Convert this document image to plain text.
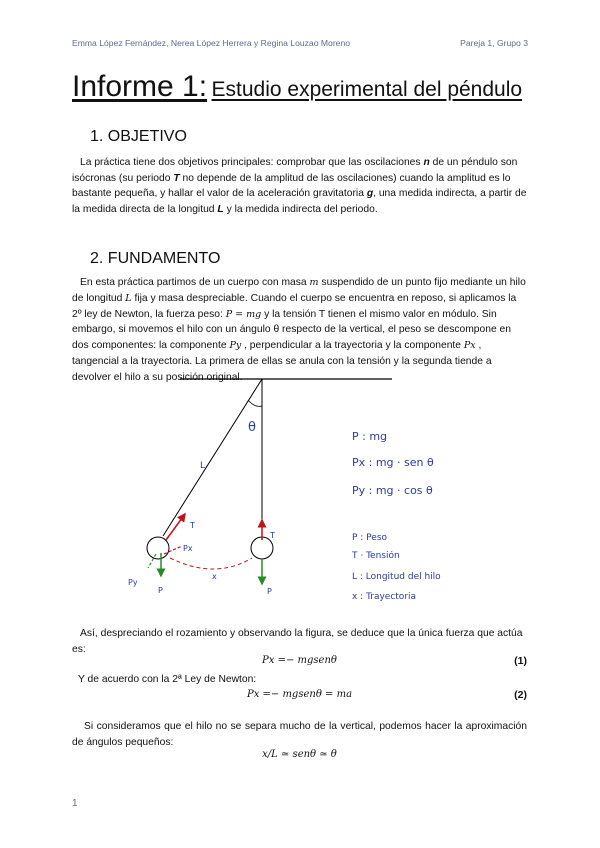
Emma López Fernández, Nerea López Herrera y Regina Louzao Moreno	Pareja 1, Grupo 3
Informe 1: Estudio experimental del péndulo
1. OBJETIVO

La práctica tiene dos objetivos principales: comprobar que las oscilaciones n de un péndulo son isócronas (su periodo T no depende de la amplitud de las oscilaciones) cuando la amplitud es lo bastante pequeña, y hallar el valor de la aceleración gravitatoria g, una medida indirecta, a partir de la medida directa de la longitud L y la medida indirecta del periodo.

2. FUNDAMENTO

En esta práctica partimos de un cuerpo con masa m suspendido de un punto fijo mediante un hilo de longitud L fija y masa despreciable. Cuando el cuerpo se encuentra en reposo, si aplicamos la 2º ley de Newton, la fuerza peso: P = mg y la tensión T tienen el mismo valor en módulo. Sin embargo, si movemos el hilo con un ángulo θ respecto de la vertical, el peso se descompone en dos componentes: la componente Py , perpendicular a la trayectoria y la componente Px , tangencial a la trayectoria. La primera de ellas se anula con la tensión y la segunda tiende a devolver el hilo a su posición original.

θ
L
T
T
P
Py
Px
P
x
P : mg
Px : mg · sen θ
Py : mg · cos θ
P : Peso
T · Tensión
L : Longitud del hilo
x : Trayectoria

Así, despreciando el rozamiento y observando la figura, se deduce que la única fuerza que actúa es:

Px =− mgsenθ	(1)

Y de acuerdo con la 2ª Ley de Newton:

Px =− mgsenθ = ma	(2)

Si consideramos que el hilo no se separa mucho de la vertical, podemos hacer la aproximación de ángulos pequeños:

x/L ≃ senθ ≃ θ
1
